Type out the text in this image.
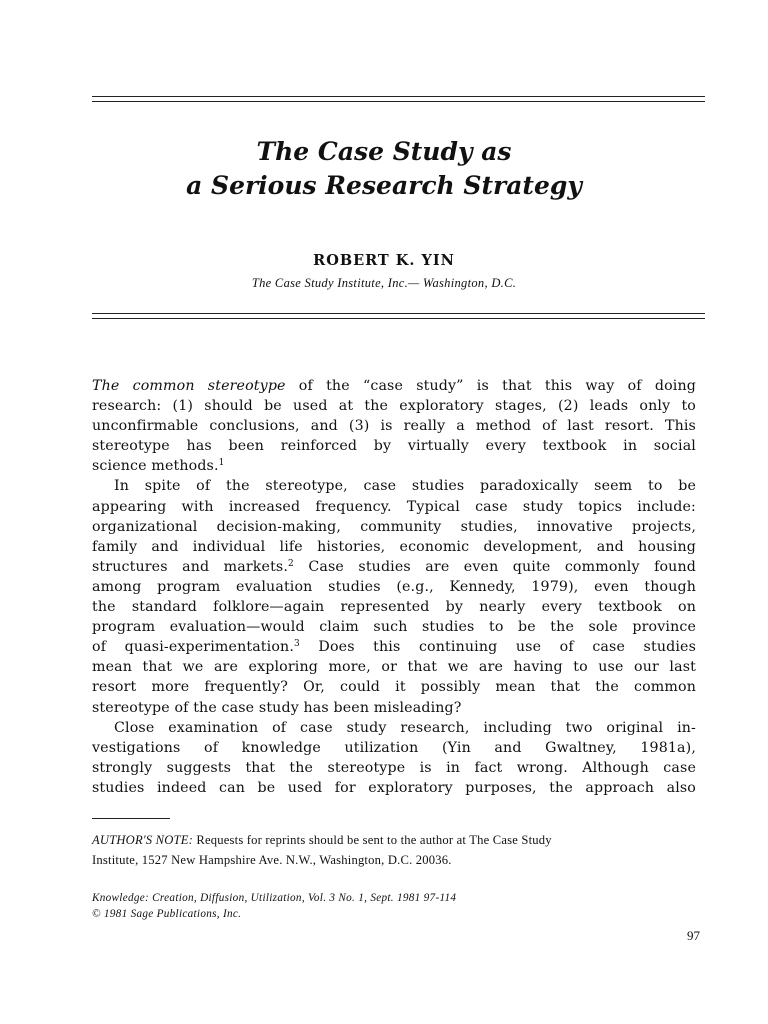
The Case Study as
a Serious Research Strategy
ROBERT K. YIN
The Case Study Institute, Inc.— Washington, D.C.

The common stereotype of the “case study” is that this way of doing
research: (1) should be used at the exploratory stages, (2) leads only to
unconfirmable conclusions, and (3) is really a method of last resort. This
stereotype has been reinforced by virtually every textbook in social
science methods.$^1$

In spite of the stereotype, case studies paradoxically seem to be
appearing with increased frequency. Typical case study topics include:
organizational decision-making, community studies, innovative projects,
family and individual life histories, economic development, and housing
structures and markets.$^2$ Case studies are even quite commonly found
among program evaluation studies (e.g., Kennedy, 1979), even though
the standard folklore—again represented by nearly every textbook on
program evaluation—would claim such studies to be the sole province
of quasi-experimentation.$^3$ Does this continuing use of case studies
mean that we are exploring more, or that we are having to use our last
resort more frequently? Or, could it possibly mean that the common
stereotype of the case study has been misleading?

Close examination of case study research, including two original in-
vestigations of knowledge utilization (Yin and Gwaltney, 1981a),
strongly suggests that the stereotype is in fact wrong. Although case
studies indeed can be used for exploratory purposes, the approach also

AUTHOR'S NOTE: Requests for reprints should be sent to the author at The Case Study
Institute, 1527 New Hampshire Ave. N.W., Washington, D.C. 20036.
Knowledge: Creation, Diffusion, Utilization, Vol. 3 No. 1, Sept. 1981 97-114
© 1981 Sage Publications, Inc.
97
